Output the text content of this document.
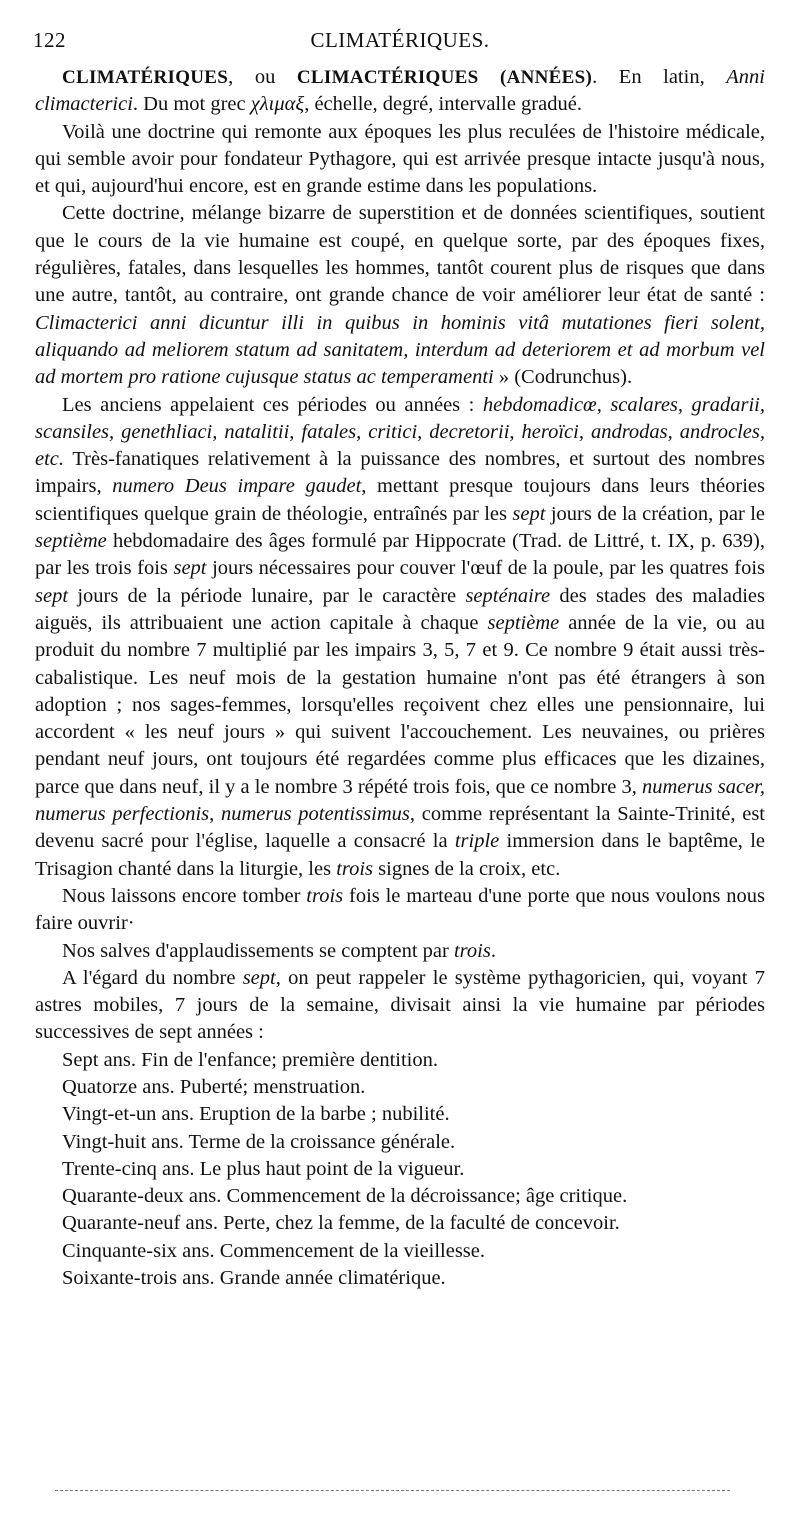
122	CLIMATÉRIQUES.

CLIMATÉRIQUES, ou CLIMACTÉRIQUES (ANNÉES). En latin, Anni climacterici. Du mot grec χλιμαξ, échelle, degré, intervalle gradué.

Voilà une doctrine qui remonte aux époques les plus reculées de l'histoire médicale, qui semble avoir pour fondateur Pythagore, qui est arrivée presque intacte jusqu'à nous, et qui, aujourd'hui encore, est en grande estime dans les populations.

Cette doctrine, mélange bizarre de superstition et de données scientifiques, soutient que le cours de la vie humaine est coupé, en quelque sorte, par des époques fixes, régulières, fatales, dans lesquelles les hommes, tantôt courent plus de risques que dans une autre, tantôt, au contraire, ont grande chance de voir améliorer leur état de santé : Climacterici anni dicuntur illi in quibus in hominis vitâ mutationes fieri solent, aliquando ad meliorem statum ad sanitatem, interdum ad deteriorem et ad morbum vel ad mortem pro ratione cujusque status ac temperamenti » (Codrunchus).

Les anciens appelaient ces périodes ou années : hebdomadicœ, scalares, gradarii, scansiles, genethliaci, natalitii, fatales, critici, decretorii, heroïci, androdas, androcles, etc. Très-fanatiques relativement à la puissance des nombres, et surtout des nombres impairs, numero Deus impare gaudet, mettant presque toujours dans leurs théories scientifiques quelque grain de théologie, entraînés par les sept jours de la création, par le septième hebdomadaire des âges formulé par Hippocrate (Trad. de Littré, t. IX, p. 639), par les trois fois sept jours nécessaires pour couver l'œuf de la poule, par les quatres fois sept jours de la période lunaire, par le caractère septénaire des stades des maladies aiguës, ils attribuaient une action capitale à chaque septième année de la vie, ou au produit du nombre 7 multiplié par les impairs 3, 5, 7 et 9. Ce nombre 9 était aussi très-cabalistique. Les neuf mois de la gestation humaine n'ont pas été étrangers à son adoption ; nos sages-femmes, lorsqu'elles reçoivent chez elles une pensionnaire, lui accordent « les neuf jours » qui suivent l'accouchement. Les neuvaines, ou prières pendant neuf jours, ont toujours été regardées comme plus efficaces que les dizaines, parce que dans neuf, il y a le nombre 3 répété trois fois, que ce nombre 3, numerus sacer, numerus perfectionis, numerus potentissimus, comme représentant la Sainte-Trinité, est devenu sacré pour l'église, laquelle a consacré la triple immersion dans le baptême, le Trisagion chanté dans la liturgie, les trois signes de la croix, etc.

Nous laissons encore tomber trois fois le marteau d'une porte que nous voulons nous faire ouvrir·

Nos salves d'applaudissements se comptent par trois.

A l'égard du nombre sept, on peut rappeler le système pythagoricien, qui, voyant 7 astres mobiles, 7 jours de la semaine, divisait ainsi la vie humaine par périodes successives de sept années :

Sept ans. Fin de l'enfance; première dentition.
Quatorze ans. Puberté; menstruation.
Vingt-et-un ans. Eruption de la barbe ; nubilité.
Vingt-huit ans. Terme de la croissance générale.
Trente-cinq ans. Le plus haut point de la vigueur.
Quarante-deux ans. Commencement de la décroissance; âge critique.
Quarante-neuf ans. Perte, chez la femme, de la faculté de concevoir.
Cinquante-six ans. Commencement de la vieillesse.
Soixante-trois ans. Grande année climatérique.
